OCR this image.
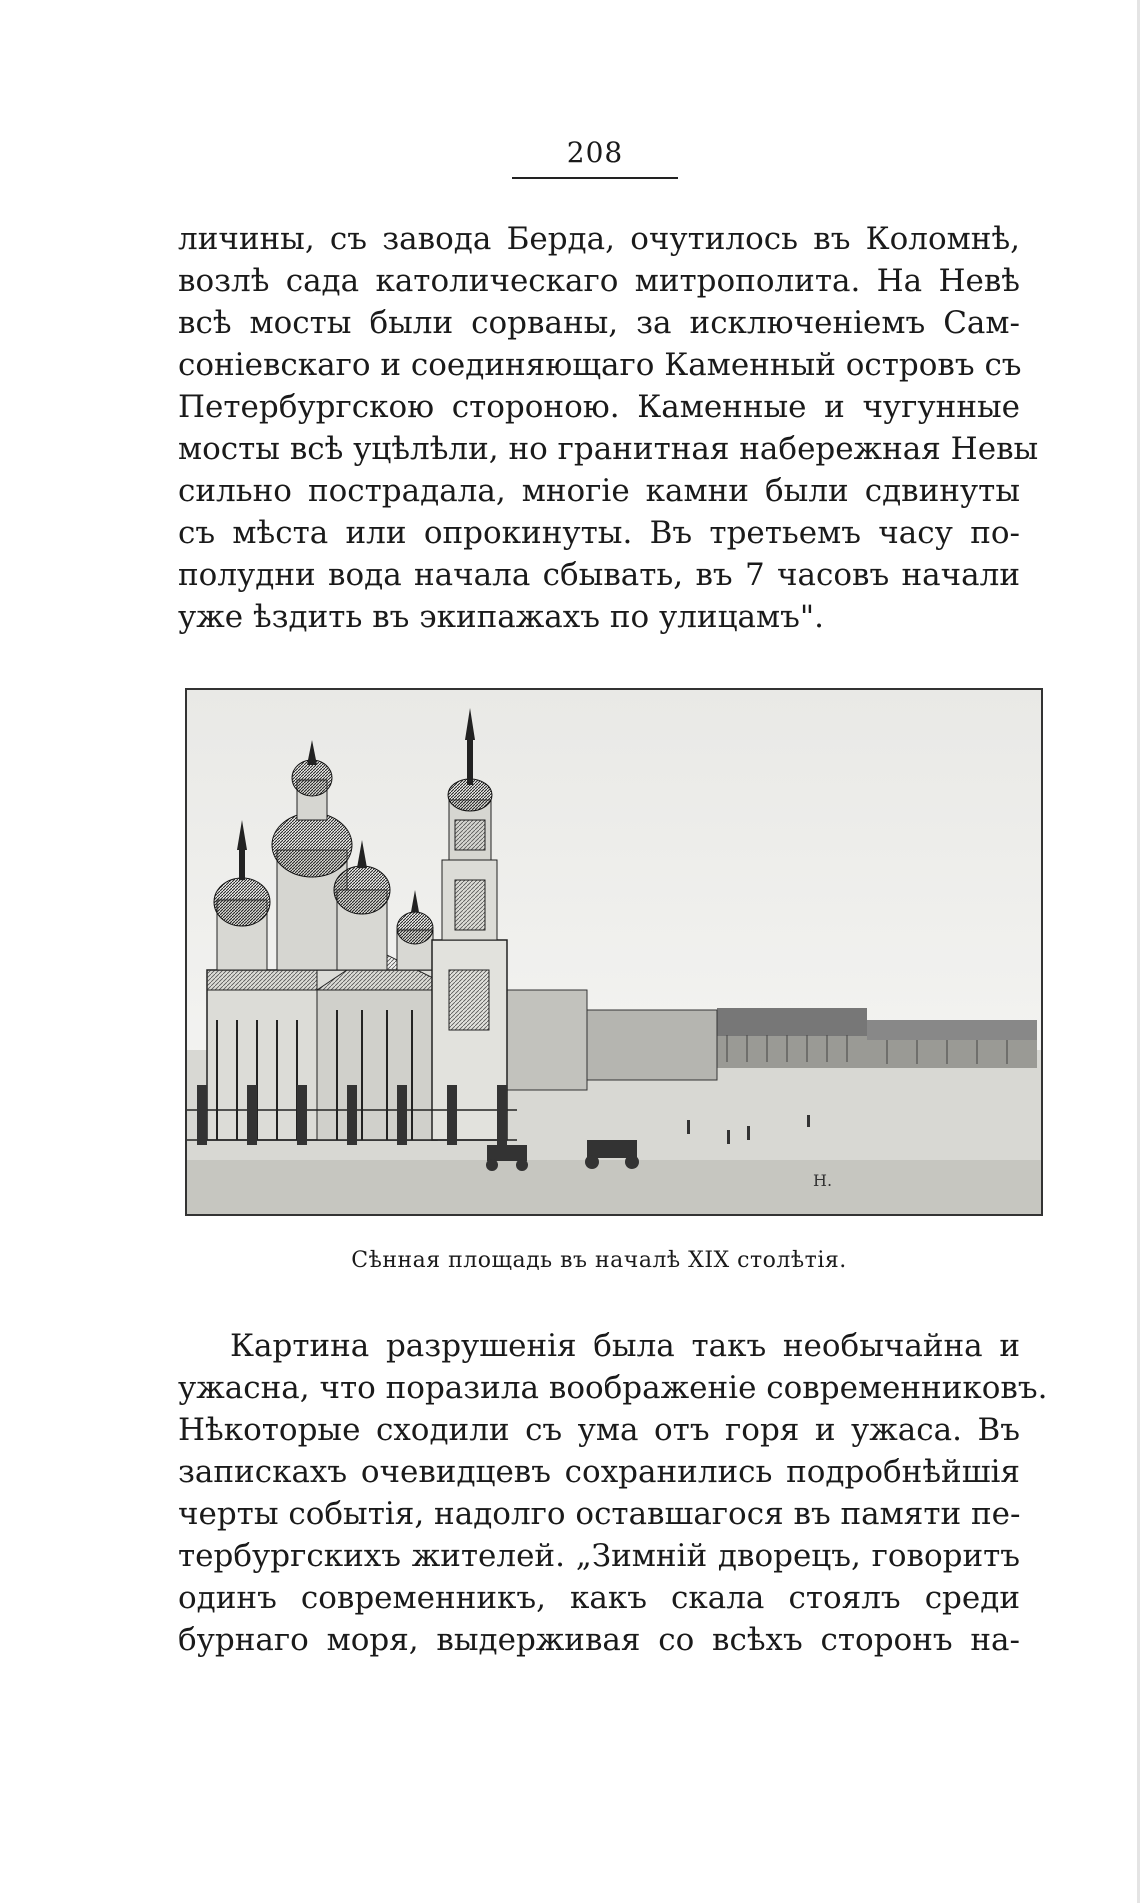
208
личины, съ завода Берда, очутилось въ Коломнѣ,
возлѣ сада католическаго митрополита. На Невѣ
всѣ мосты были сорваны, за исключеніемъ Сам-
соніевскаго и соединяющаго Каменный островъ съ
Петербургскою стороною. Каменные и чугунные
мосты всѣ уцѣлѣли, но гранитная набережная Невы
сильно пострадала, многіе камни были сдвинуты
съ мѣста или опрокинуты. Въ третьемъ часу по-
полудни вода начала сбывать, въ 7 часовъ начали
уже ѣздить въ экипажахъ по улицамъ".
Н.
Сѣнная площадь въ началѣ XIX столѣтія.
Картина разрушенія была такъ необычайна и
ужасна, что поразила воображеніе современниковъ.
Нѣкоторые сходили съ ума отъ горя и ужаса. Въ
запискахъ очевидцевъ сохранились подробнѣйшія
черты событія, надолго оставшагося въ памяти пе-
тербургскихъ жителей. „Зимній дворецъ, говоритъ
одинъ современникъ, какъ скала стоялъ среди
бурнаго моря, выдерживая со всѣхъ сторонъ на-
